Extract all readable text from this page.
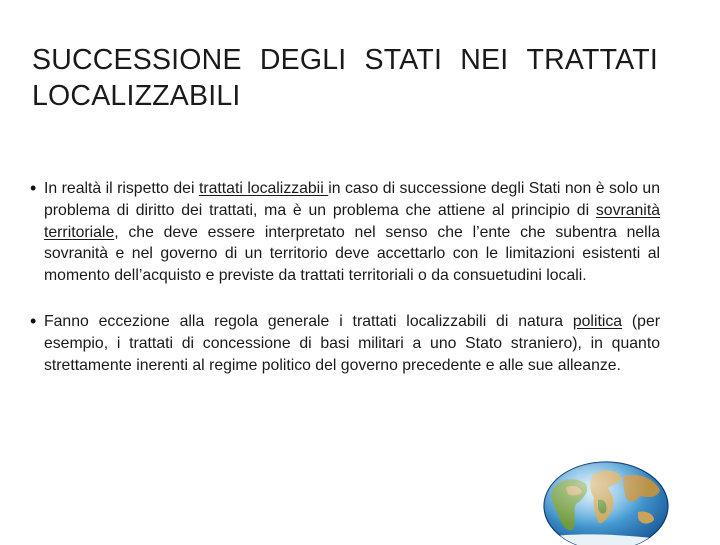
SUCCESSIONE DEGLI STATI NEI TRATTATI
LOCALIZZABILI
• In realtà il rispetto dei trattati localizzabii in caso di successione degli Stati non è solo un problema di diritto dei trattati, ma è un problema che attiene al principio di sovranità territoriale, che deve essere interpretato nel senso che l’ente che subentra nella sovranità e nel governo di un territorio deve accettarlo con le limitazioni esistenti al momento dell’acquisto e previste da trattati territoriali o da consuetudini locali.
• Fanno eccezione alla regola generale i trattati localizzabili di natura politica (per esempio, i trattati di concessione di basi militari a uno Stato straniero), in quanto strettamente inerenti al regime politico del governo precedente e alle sue alleanze.
